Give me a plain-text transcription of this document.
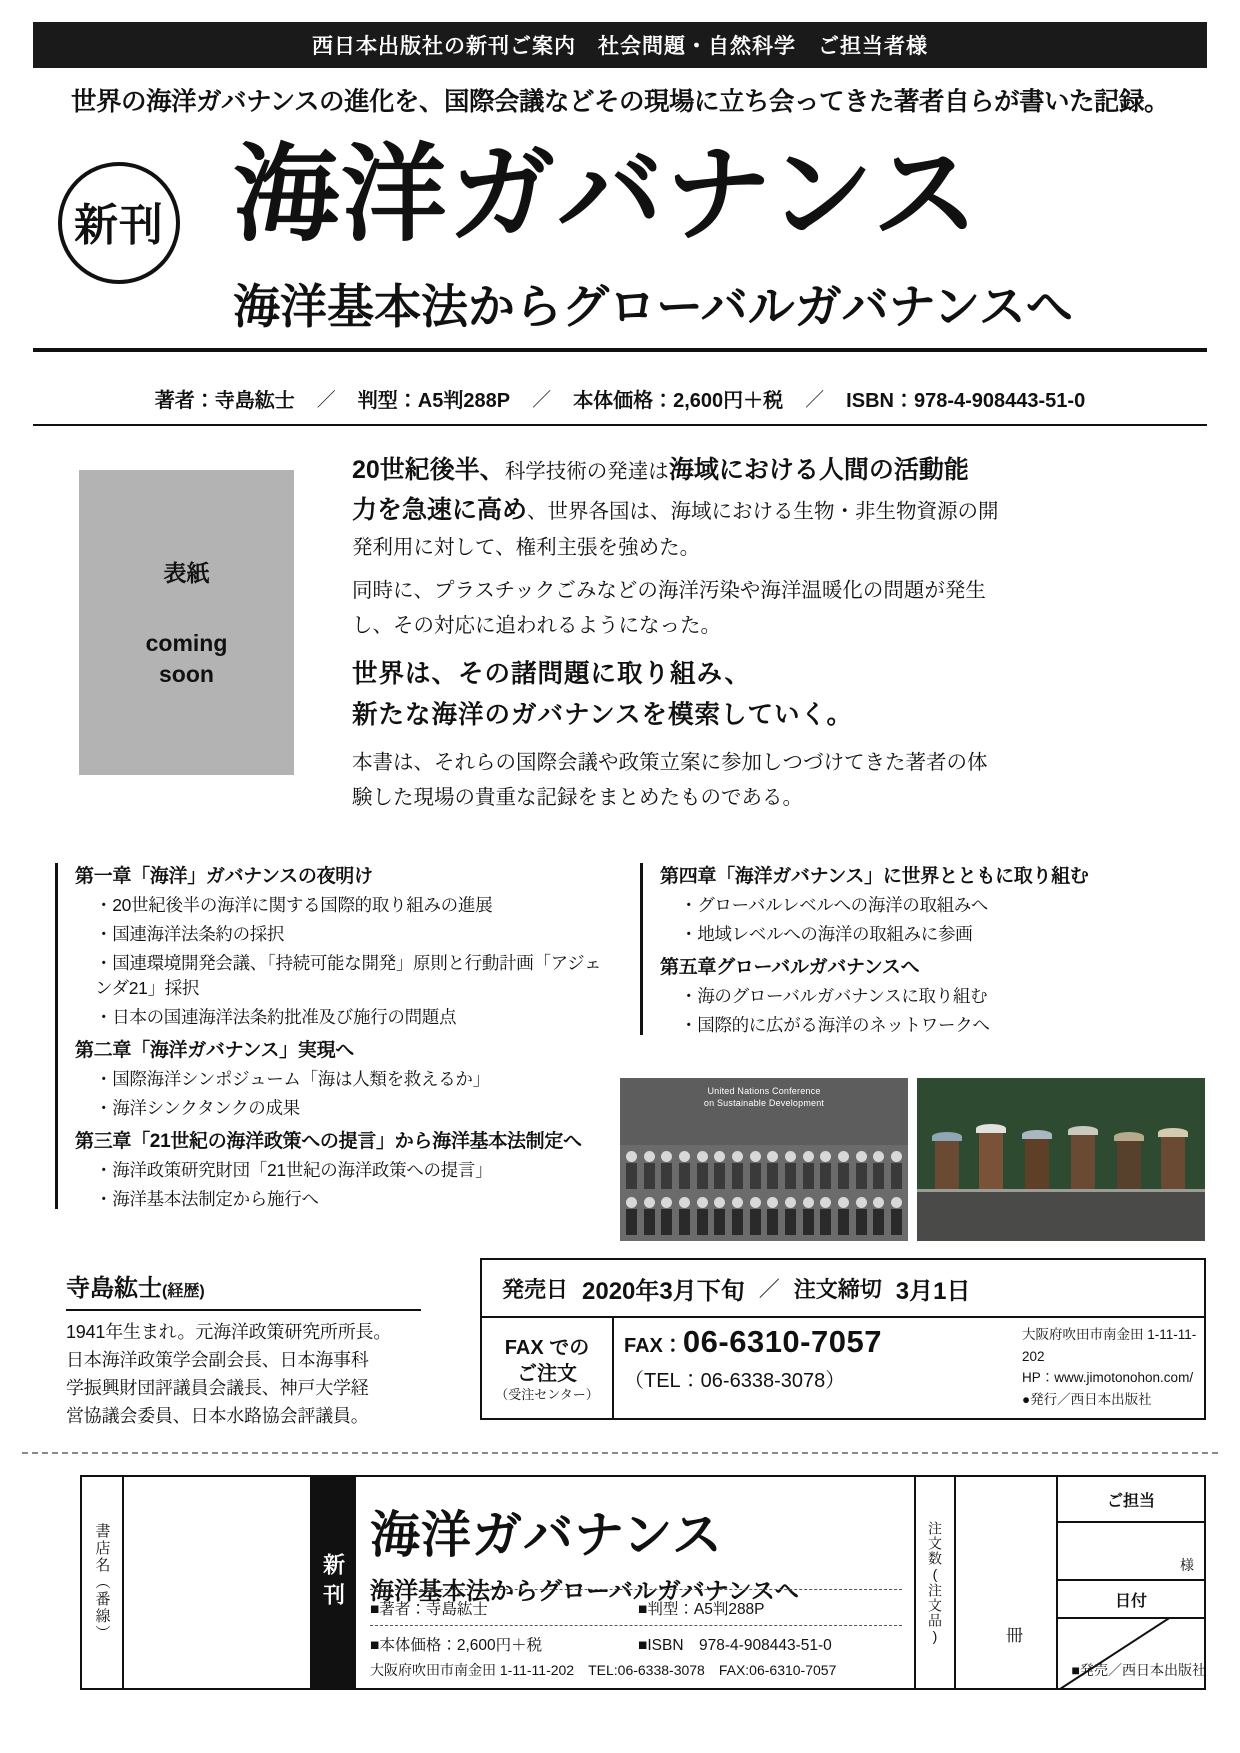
西日本出版社の新刊ご案内　社会問題・自然科学　ご担当者様
世界の海洋ガバナンスの進化を、国際会議などその現場に立ち会ってきた著者自らが書いた記録。
新刊 海洋ガバナンス
海洋基本法からグローバルガバナンスへ
著者：寺島紘士 ／ 判型：A5判288P ／ 本体価格：2,600円＋税 ／ ISBN：978-4-908443-51-0
表紙
coming
soon

20世紀後半、科学技術の発達は海域における人間の活動能

力を急速に高め、世界各国は、海域における生物・非生物資源の開

発利用に対して、権利主張を強めた。

同時に、プラスチックごみなどの海洋汚染や海洋温暖化の問題が発生

し、その対応に追われるようになった。

世界は、その諸問題に取り組み、

新たな海洋のガバナンスを模索していく。

本書は、それらの国際会議や政策立案に参加しつづけてきた著者の体

験した現場の貴重な記録をまとめたものである。

第一章「海洋」ガバナンスの夜明け
・20世紀後半の海洋に関する国際的取り組みの進展
・国連海洋法条約の採択
・国連環境開発会議、「持続可能な開発」原則と行動計画「アジェンダ21」採択
・日本の国連海洋法条約批准及び施行の問題点
第二章「海洋ガバナンス」実現へ
・国際海洋シンポジューム「海は人類を救えるか」
・海洋シンクタンクの成果
第三章「21世紀の海洋政策への提言」から海洋基本法制定へ
・海洋政策研究財団「21世紀の海洋政策への提言」
・海洋基本法制定から施行へ
第四章「海洋ガバナンス」に世界とともに取り組む
・グローバルレベルへの海洋の取組みへ
・地域レベルへの海洋の取組みに参画
第五章グローバルガバナンスへ
・海のグローバルガバナンスに取り組む
・国際的に広がる海洋のネットワークへ
United Nations Conference
on Sustainable Development
寺島紘士(経歴)
1941年生まれ。元海洋政策研究所所長。
日本海洋政策学会副会長、日本海事科
学振興財団評議員会議長、神戸大学経
営協議会委員、日本水路協会評議員。
発売日 2020年3月下旬 ／ 注文締切 3月1日
FAX での
ご注文
（受注センター）
FAX：06-6310-7057
（TEL：06-6338-3078）
大阪府吹田市南金田 1-11-11-202
HP：www.jimotonohon.com/
●発行／西日本出版社
書店名（番線）	新刊
海洋ガバナンス
海洋基本法からグローバルガバナンスへ
■著者：寺島紘士	■判型：A5判288P
■本体価格：2,600円＋税	■ISBN　978-4-908443-51-0
大阪府吹田市南金田 1-11-11-202　TEL:06-6338-3078　FAX:06-6310-7057	■発売／西日本出版社
注文数(注文品)	冊
ご担当
様
日付
